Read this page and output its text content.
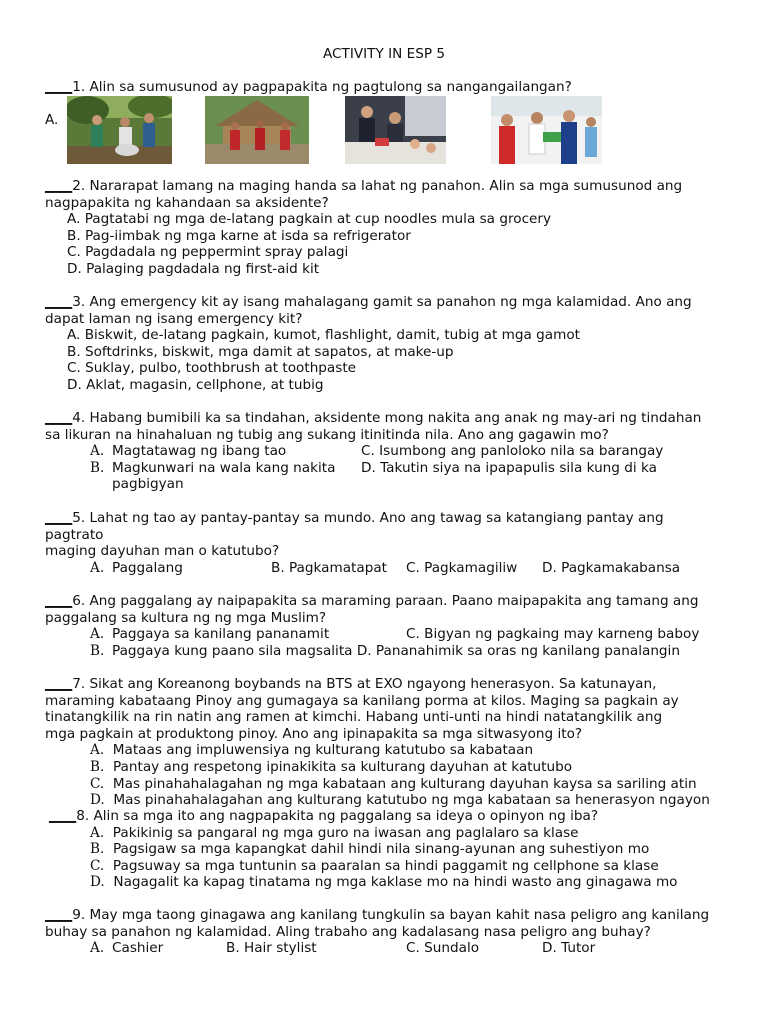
ACTIVITY IN ESP 5
____1. Alin sa sumusunod ay pagpapakita ng pagtulong sa nangangailangan?
A.
____2. Nararapat lamang na maging handa sa lahat ng panahon. Alin sa mga sumusunod ang
nagpapakita ng kahandaan sa aksidente?
A. Pagtatabi ng mga de-latang pagkain at cup noodles mula sa grocery
B. Pag-iimbak ng mga karne at isda sa refrigerator
C. Pagdadala ng peppermint spray palagi
D. Palaging pagdadala ng first-aid kit
____3. Ang emergency kit ay isang mahalagang gamit sa panahon ng mga kalamidad. Ano ang
dapat laman ng isang emergency kit?
A. Biskwit, de-latang pagkain, kumot, flashlight, damit, tubig at mga gamot
B. Softdrinks, biskwit, mga damit at sapatos, at make-up
C. Suklay, pulbo, toothbrush at toothpaste
D. Aklat, magasin, cellphone, at tubig
____4. Habang bumibili ka sa tindahan, aksidente mong nakita ang anak ng may-ari ng tindahan
sa likuran na hinahaluan ng tubig ang sukang itinitinda nila. Ano ang gagawin mo?
A. Magtatawag ng ibang tao	C. Isumbong ang panloloko nila sa barangay
B. Magkunwari na wala kang nakita D. Takutin siya na ipapapulis sila kung di ka
pagbigyan
____5. Lahat ng tao ay pantay-pantay sa mundo. Ano ang tawag sa katangiang pantay ang
pagtrato
maging dayuhan man o katutubo?
A. Paggalang	B. Pagkamatapat C. Pagkamagiliw D. Pagkamakabansa
____6. Ang paggalang ay naipapakita sa maraming paraan. Paano maipapakita ang tamang ang
paggalang sa kultura ng ng mga Muslim?
A. Paggaya sa kanilang pananamit	C. Bigyan ng pagkaing may karneng baboy
B. Paggaya kung paano sila magsalita D. Pananahimik sa oras ng kanilang panalangin
____7. Sikat ang Koreanong boybands na BTS at EXO ngayong henerasyon. Sa katunayan,
maraming kabataang Pinoy ang gumagaya sa kanilang porma at kilos. Maging sa pagkain ay
tinatangkilik na rin natin ang ramen at kimchi. Habang unti-unti na hindi natatangkilik ang
mga pagkain at produktong pinoy. Ano ang ipinapakita sa mga sitwasyong ito?
A. Mataas ang impluwensiya ng kulturang katutubo sa kabataan
B. Pantay ang respetong ipinakikita sa kulturang dayuhan at katutubo
C. Mas pinahahalagahan ng mga kabataan ang kulturang dayuhan kaysa sa sariling atin
D. Mas pinahahalagahan ang kulturang katutubo ng mga kabataan sa henerasyon ngayon
____8. Alin sa mga ito ang nagpapakita ng paggalang sa ideya o opinyon ng iba?
A. Pakikinig sa pangaral ng mga guro na iwasan ang paglalaro sa klase
B. Pagsigaw sa mga kapangkat dahil hindi nila sinang-ayunan ang suhestiyon mo
C. Pagsuway sa mga tuntunin sa paaralan sa hindi paggamit ng cellphone sa klase
D. Nagagalit ka kapag tinatama ng mga kaklase mo na hindi wasto ang ginagawa mo
____9. May mga taong ginagawa ang kanilang tungkulin sa bayan kahit nasa peligro ang kanilang
buhay sa panahon ng kalamidad. Aling trabaho ang kadalasang nasa peligro ang buhay?
A. Cashier	B. Hair stylist	C. Sundalo	D. Tutor
